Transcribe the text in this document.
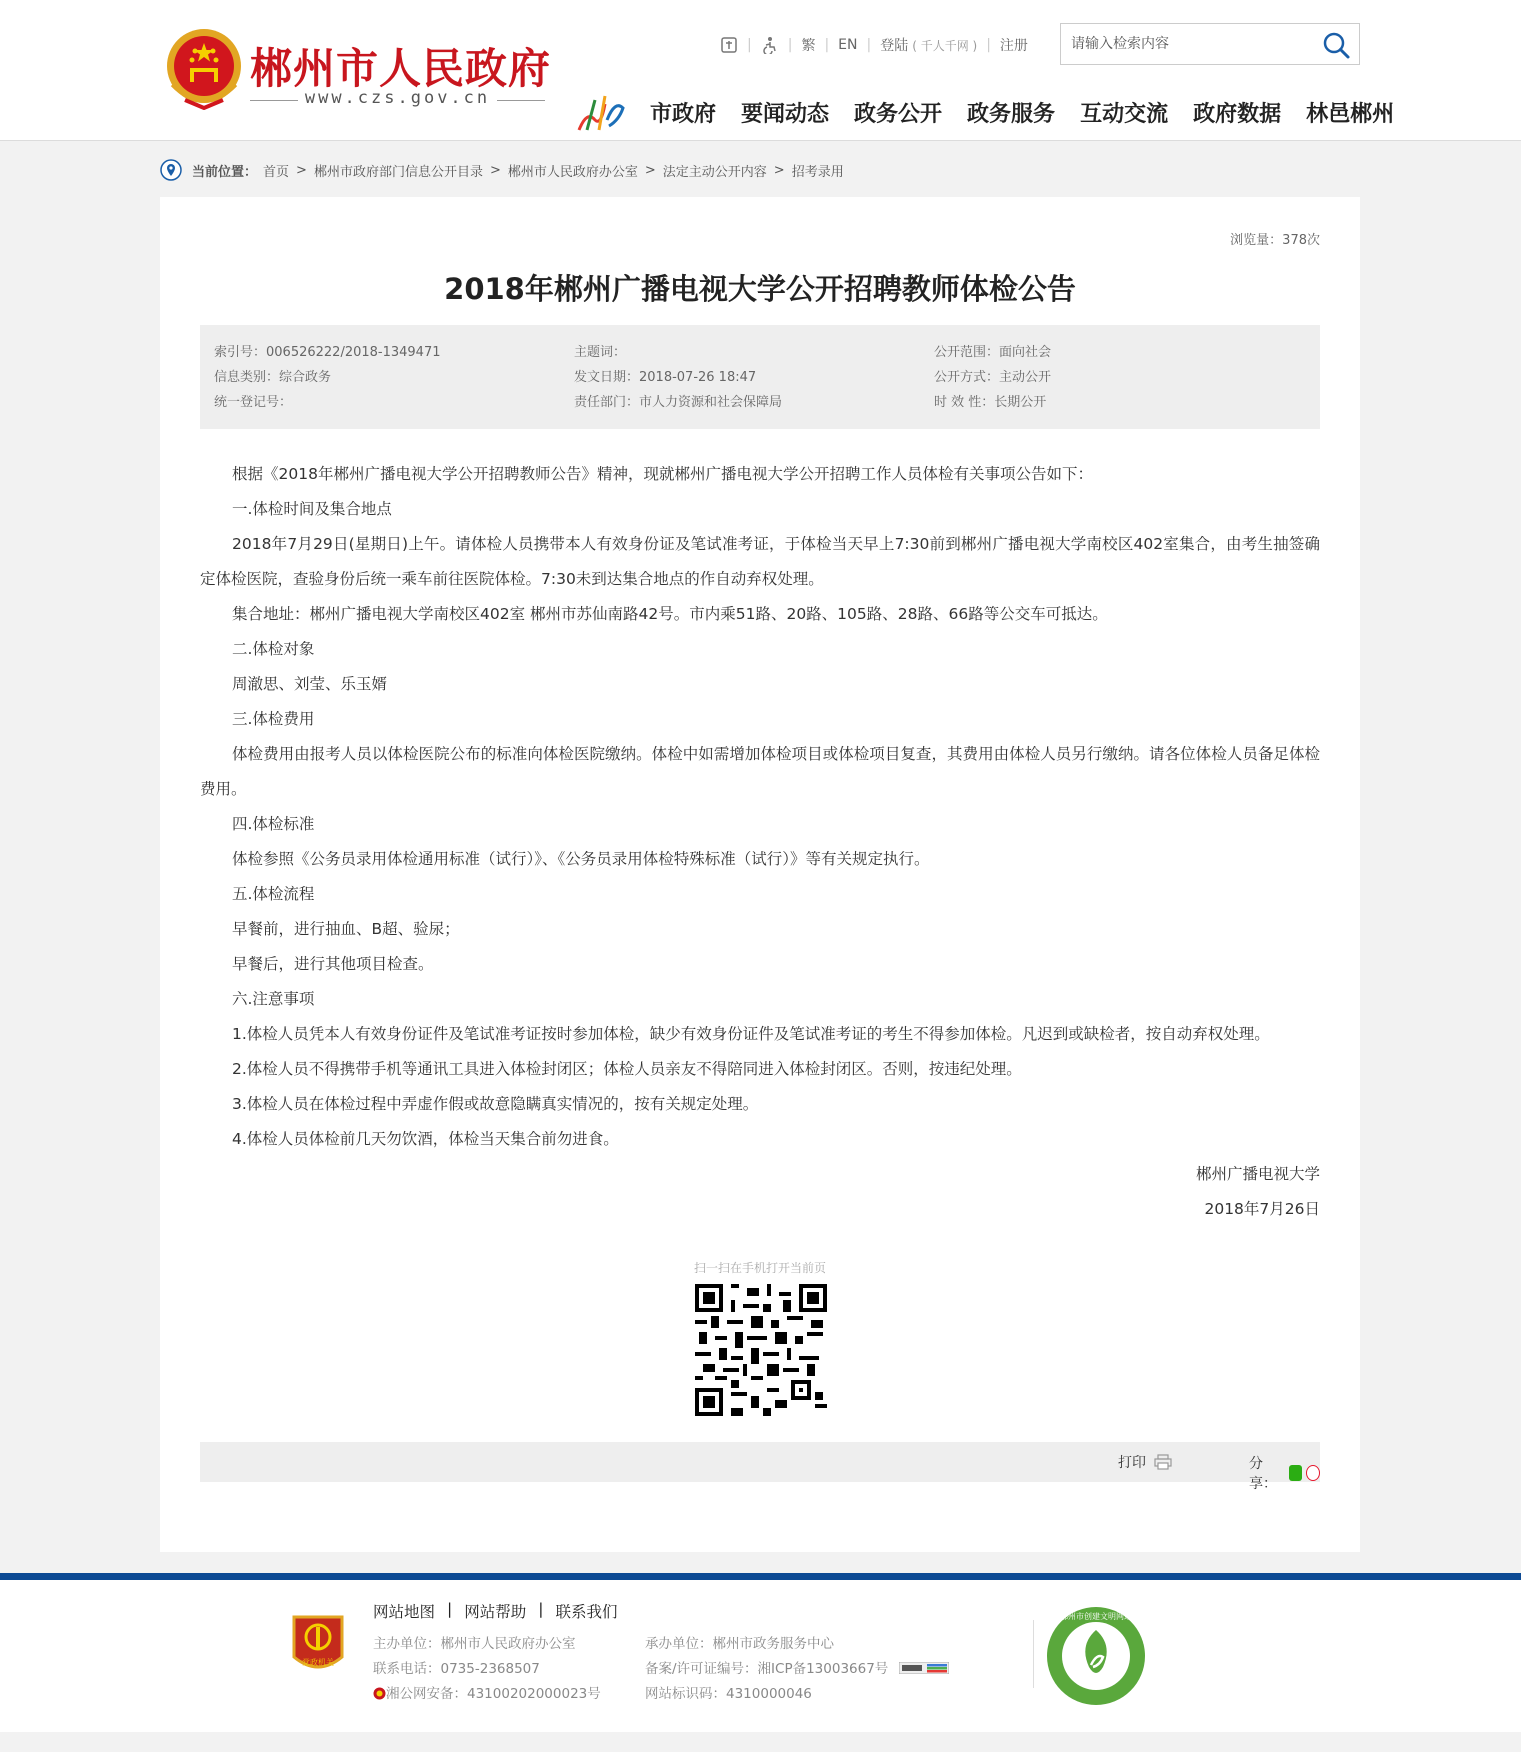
郴州市人民政府
www.czs.gov.cn
|	| 繁 | EN | 登陆 ( 千人千网 ) | 注册
请输入检索内容
市政府 要闻动态 政务公开 政务服务 互动交流 政府数据 林邑郴州
当前位置： 首页 > 郴州市政府部门信息公开目录 > 郴州市人民政府办公室 > 法定主动公开内容 > 招考录用
浏览量：378次
2018年郴州广播电视大学公开招聘教师体检公告
索引号：006526222/2018-1349471
信息类别：综合政务
统一登记号：
主题词：
发文日期：2018-07-26 18:47
责任部门：市人力资源和社会保障局
公开范围：面向社会
公开方式：主动公开
时 效 性：长期公开

根据《2018年郴州广播电视大学公开招聘教师公告》精神，现就郴州广播电视大学公开招聘工作人员体检有关事项公告如下：

一.体检时间及集合地点

2018年7月29日(星期日)上午。请体检人员携带本人有效身份证及笔试准考证，于体检当天早上7:30前到郴州广播电视大学南校区402室集合，由考生抽签确定体检医院，查验身份后统一乘车前往医院体检。7:30未到达集合地点的作自动弃权处理。

集合地址：郴州广播电视大学南校区402室 郴州市苏仙南路42号。市内乘51路、20路、105路、28路、66路等公交车可抵达。

二.体检对象

周澈思、刘莹、乐玉婿

三.体检费用

体检费用由报考人员以体检医院公布的标准向体检医院缴纳。体检中如需增加体检项目或体检项目复查，其费用由体检人员另行缴纳。请各位体检人员备足体检费用。

四.体检标准

体检参照《公务员录用体检通用标准（试行）》、《公务员录用体检特殊标准（试行）》等有关规定执行。

五.体检流程

早餐前，进行抽血、B超、验尿；

早餐后，进行其他项目检查。

六.注意事项

1.体检人员凭本人有效身份证件及笔试准考证按时参加体检，缺少有效身份证件及笔试准考证的考生不得参加体检。凡迟到或缺检者，按自动弃权处理。

2.体检人员不得携带手机等通讯工具进入体检封闭区；体检人员亲友不得陪同进入体检封闭区。否则，按违纪处理。

3.体检人员在体检过程中弄虚作假或故意隐瞒真实情况的，按有关规定处理。

4.体检人员体检前几天勿饮酒，体检当天集合前勿进食。

郴州广播电视大学

2018年7月26日

扫一扫在手机打开当前页
打印	分享：
党政机关
网站地图 | 网站帮助 | 联系我们
主办单位：郴州市人民政府办公室
联系电话：0735-2368507
湘公网安备：43100202000023号
承办单位：郴州市政务服务中心
备案/许可证编号：湘ICP备13003667号
网站标识码：4310000046
郴州市创建文明网站
